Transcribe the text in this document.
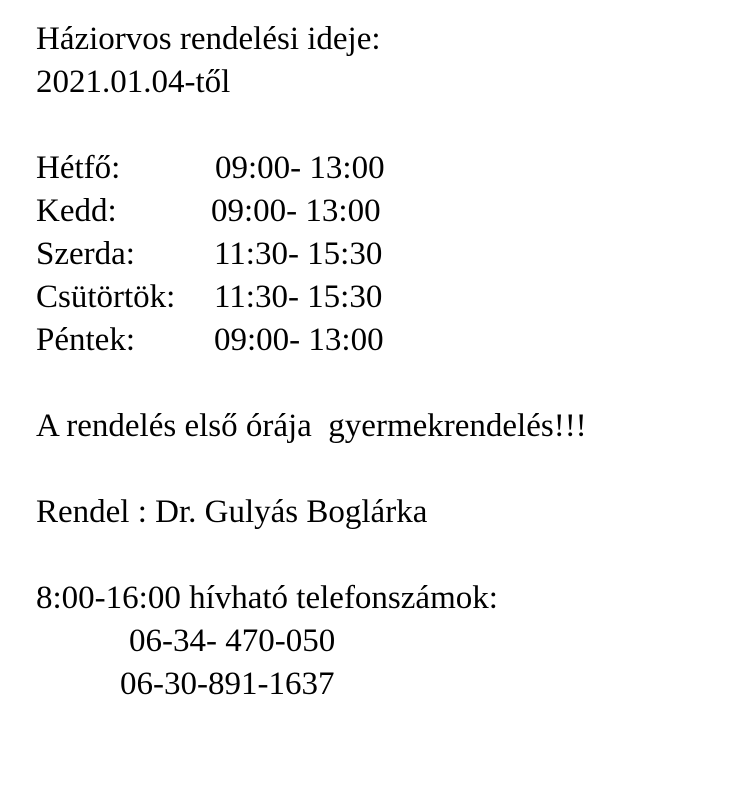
Háziorvos rendelési ideje:
2021.01.04-től

Hétfő:

	09:00- 13:00

Kedd:

	09:00- 13:00

Szerda:

11:30- 15:30

Csütörtök:

11:30- 15:30

Péntek:

09:00- 13:00

A rendelés első órája  gyermekrendelés!!!
Rendel : Dr. Gulyás Boglárka
8:00-16:00 hívható telefonszámok:
06-34- 470-050
06-30-891-1637
